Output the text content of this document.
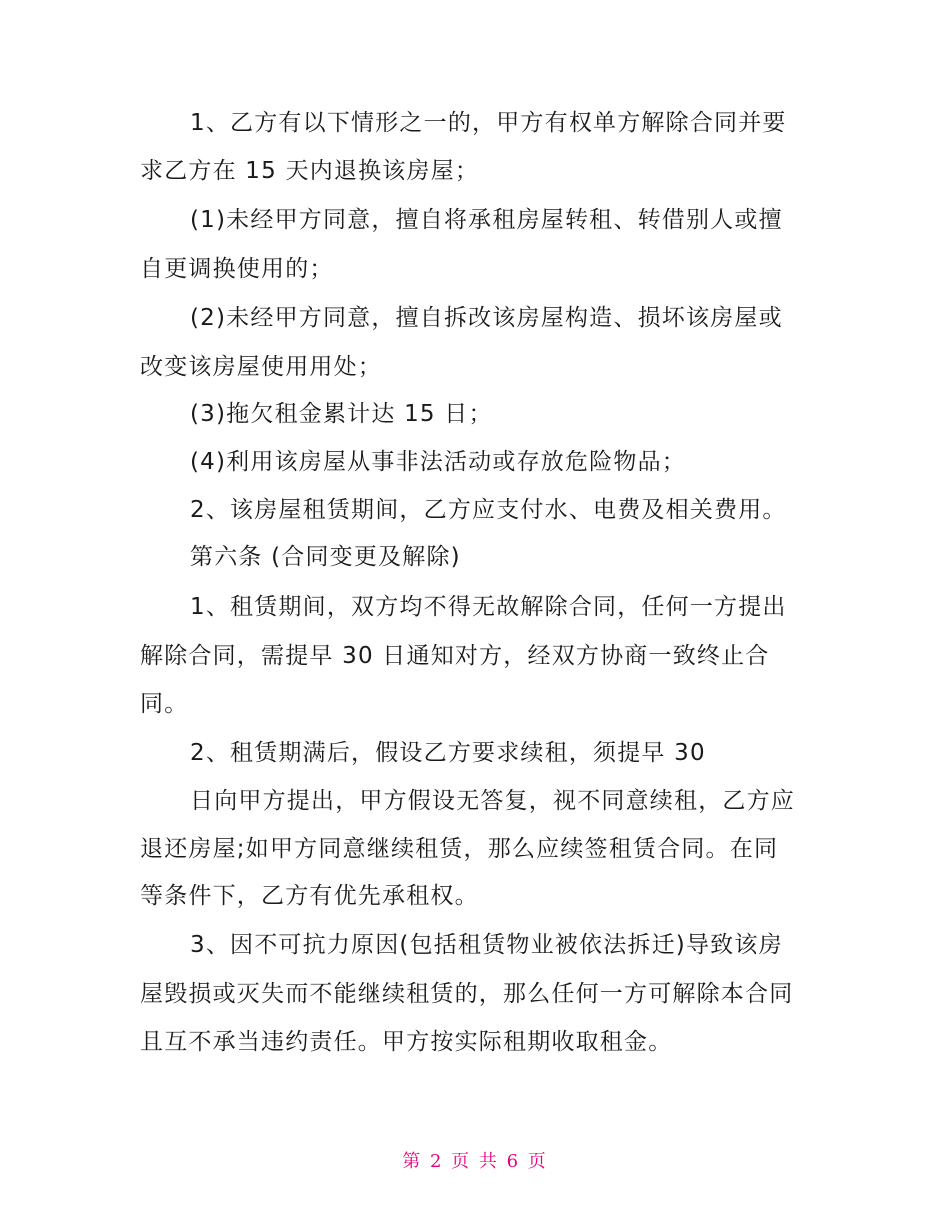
1、乙方有以下情形之一的，甲方有权单方解除合同并要
求乙方在 15 天内退换该房屋；
(1)未经甲方同意，擅自将承租房屋转租、转借别人或擅
自更调换使用的；
(2)未经甲方同意，擅自拆改该房屋构造、损坏该房屋或
改变该房屋使用用处；
(3)拖欠租金累计达 15 日；
(4)利用该房屋从事非法活动或存放危险物品；
2、该房屋租赁期间，乙方应支付水、电费及相关费用。
第六条 (合同变更及解除)
1、租赁期间，双方均不得无故解除合同，任何一方提出
解除合同，需提早 30 日通知对方，经双方协商一致终止合
同。
2、租赁期满后，假设乙方要求续租，须提早 30
日向甲方提出，甲方假设无答复，视不同意续租，乙方应
退还房屋;如甲方同意继续租赁，那么应续签租赁合同。在同
等条件下，乙方有优先承租权。
3、因不可抗力原因(包括租赁物业被依法拆迁)导致该房
屋毁损或灭失而不能继续租赁的，那么任何一方可解除本合同
且互不承当违约责任。甲方按实际租期收取租金。
第 2 页 共 6 页
